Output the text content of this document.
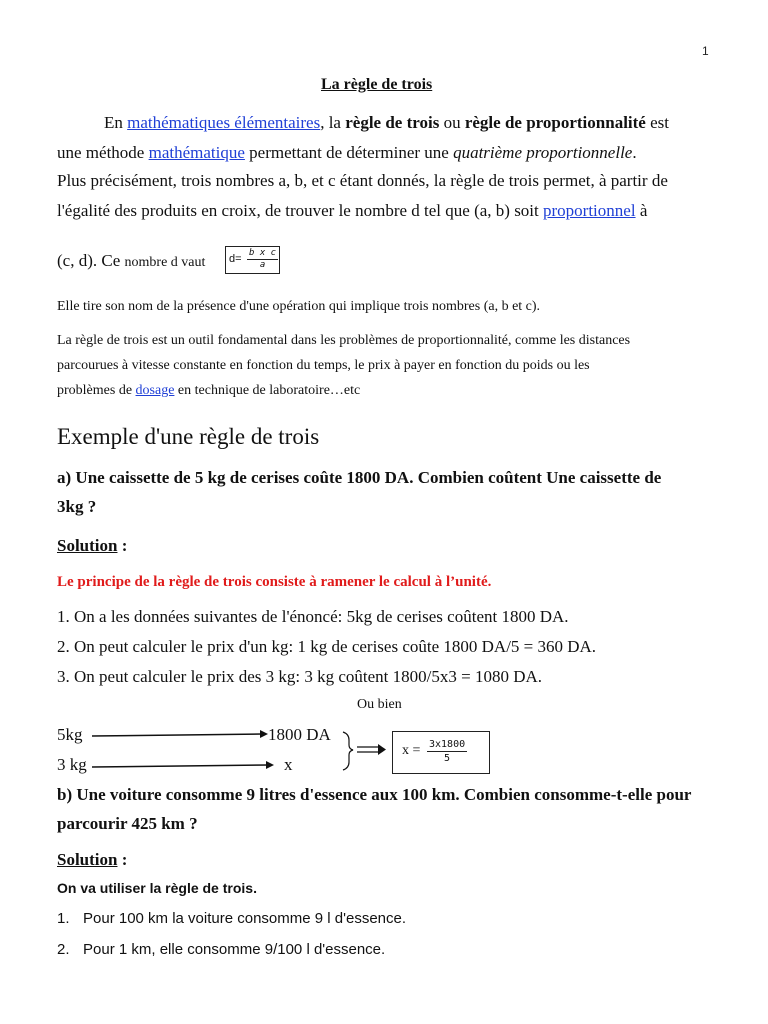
1
La règle de trois
En mathématiques élémentaires, la règle de trois ou règle de proportionnalité est
une méthode mathématique permettant de déterminer une quatrième proportionnelle.
Plus précisément, trois nombres a, b, et c étant donnés, la règle de trois permet, à partir de
l'égalité des produits en croix, de trouver le nombre d tel que (a, b) soit proportionnel à
(c, d). Ce nombre d vaut $d= \frac{\text{b x c}}{a}$
Elle tire son nom de la présence d'une opération qui implique trois nombres (a, b et c).
La règle de trois est un outil fondamental dans les problèmes de proportionnalité, comme les distances
parcourues à vitesse constante en fonction du temps, le prix à payer en fonction du poids ou les
problèmes de dosage en technique de laboratoire…etc
Exemple d'une règle de trois
a) Une caissette de 5 kg de cerises coûte 1800 DA. Combien coûtent Une caissette de
3kg ?
Solution :
Le principe de la règle de trois consiste à ramener le calcul à l’unité.
1. On a les données suivantes de l'énoncé: 5kg de cerises coûtent 1800 DA.
2. On peut calculer le prix d'un kg: 1 kg de cerises coûte 1800 DA/5 = 360 DA.
3. On peut calculer le prix des 3 kg: 3 kg coûtent 1800/5x3 = 1080 DA.
Ou bien
5kg	1800 DA
3 kg	x
$x = \frac{3x1800}{5}$
b) Une voiture consomme 9 litres d'essence aux 100 km. Combien consomme-t-elle pour
parcourir 425 km ?
Solution :
On va utiliser la règle de trois.
1. Pour 100 km la voiture consomme 9 l d'essence.
2. Pour 1 km, elle consomme 9/100 l d'essence.
